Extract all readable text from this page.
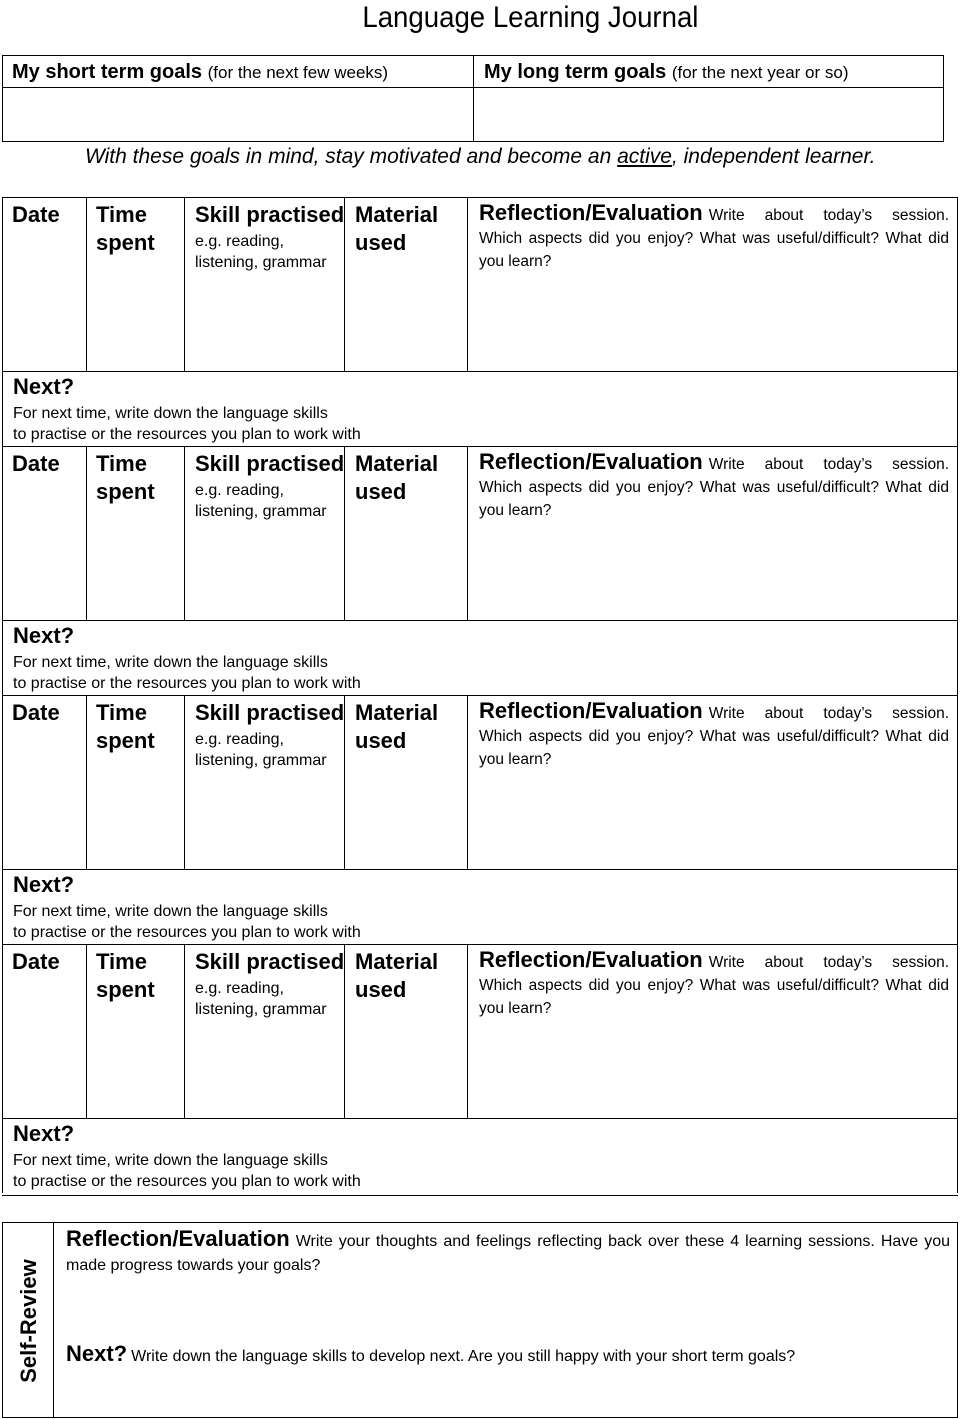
Language Learning Journal
My short term goals (for the next few weeks)	My long term goals (for the next year or so)
With these goals in mind, stay motivated and become an active, independent learner.
Date Time
spent
Skill practised
e.g. reading,
listening, grammar
Material
used
Reflection/Evaluation Write about today’s session. Which aspects did you enjoy? What was useful/difficult? What did you learn?
Next?
For next time, write down the language skills
to practise or the resources you plan to work with
Date Time
spent
Skill practised
e.g. reading,
listening, grammar
Material
used
Reflection/Evaluation Write about today’s session. Which aspects did you enjoy? What was useful/difficult? What did you learn?
Next?
For next time, write down the language skills
to practise or the resources you plan to work with
Date Time
spent
Skill practised
e.g. reading,
listening, grammar
Material
used
Reflection/Evaluation Write about today’s session. Which aspects did you enjoy? What was useful/difficult? What did you learn?
Next?
For next time, write down the language skills
to practise or the resources you plan to work with
Date Time
spent
Skill practised
e.g. reading,
listening, grammar
Material
used
Reflection/Evaluation Write about today’s session. Which aspects did you enjoy? What was useful/difficult? What did you learn?
Next?
For next time, write down the language skills
to practise or the resources you plan to work with
Self-Review
Reflection/Evaluation Write your thoughts and feelings reflecting back over these 4 learning sessions. Have you made progress towards your goals?
Next? Write down the language skills to develop next. Are you still happy with your short term goals?
